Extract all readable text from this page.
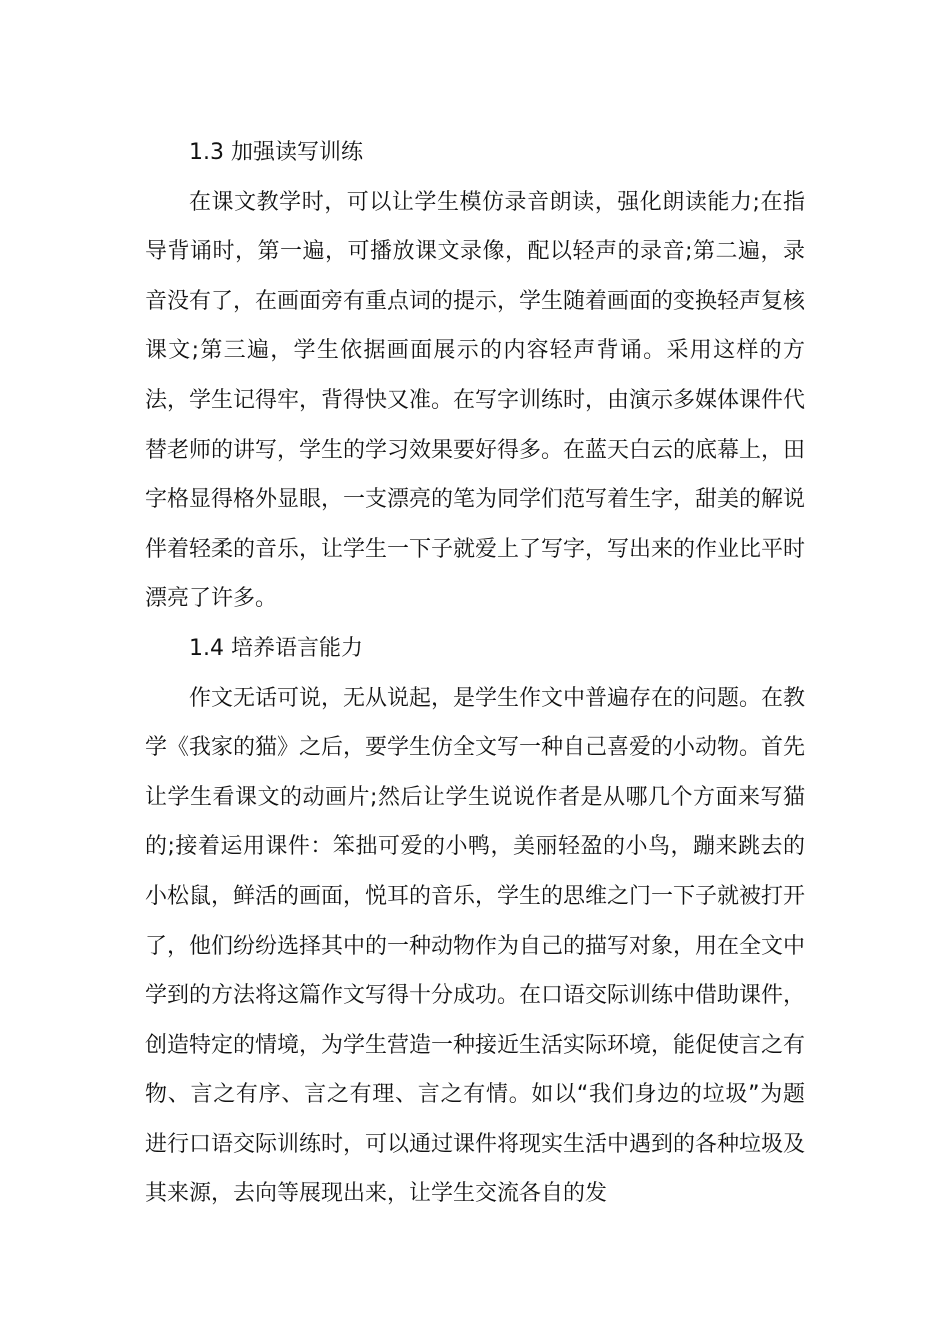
1.3 加强读写训练

在课文教学时，可以让学生模仿录音朗读，强化朗读能力;在指导背诵时，第一遍，可播放课文录像，配以轻声的录音;第二遍，录音没有了，在画面旁有重点词的提示，学生随着画面的变换轻声复核课文;第三遍，学生依据画面展示的内容轻声背诵。采用这样的方法，学生记得牢，背得快又准。在写字训练时，由演示多媒体课件代替老师的讲写，学生的学习效果要好得多。在蓝天白云的底幕上，田字格显得格外显眼，一支漂亮的笔为同学们范写着生字，甜美的解说伴着轻柔的音乐，让学生一下子就爱上了写字，写出来的作业比平时漂亮了许多。

1.4 培养语言能力

作文无话可说，无从说起，是学生作文中普遍存在的问题。在教学《我家的猫》之后，要学生仿全文写一种自己喜爱的小动物。首先让学生看课文的动画片;然后让学生说说作者是从哪几个方面来写猫的;接着运用课件：笨拙可爱的小鸭，美丽轻盈的小鸟，蹦来跳去的小松鼠，鲜活的画面，悦耳的音乐，学生的思维之门一下子就被打开了，他们纷纷选择其中的一种动物作为自己的描写对象，用在全文中学到的方法将这篇作文写得十分成功。在口语交际训练中借助课件，创造特定的情境，为学生营造一种接近生活实际环境，能促使言之有物、言之有序、言之有理、言之有情。如以“我们身边的垃圾”为题进行口语交际训练时，可以通过课件将现实生活中遇到的各种垃圾及其来源，去向等展现出来，让学生交流各自的发
